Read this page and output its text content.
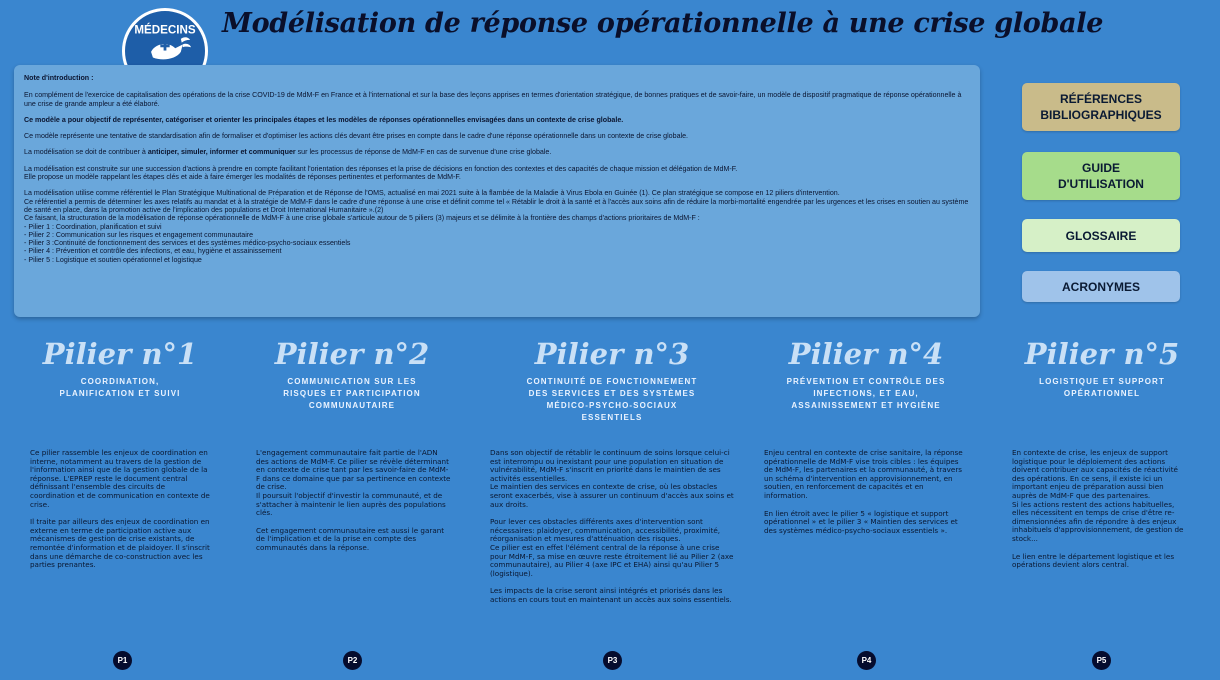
MÉDECINS Modélisation de réponse opérationnelle à une crise globale

Note d'introduction :

En complément de l'exercice de capitalisation des opérations de la crise COVID-19 de MdM-F en France et à l'international et sur la base des leçons apprises en termes d'orientation stratégique, de bonnes pratiques et de savoir-faire, un modèle de dispositif pragmatique de réponse opérationnelle à une crise de grande ampleur a été élaboré.

Ce modèle a pour objectif de représenter, catégoriser et orienter les principales étapes et les modèles de réponses opérationnelles envisagées dans un contexte de crise globale.

Ce modèle représente une tentative de standardisation afin de formaliser et d'optimiser les actions clés devant être prises en compte dans le cadre d'une réponse opérationnelle dans un contexte de crise globale.

La modélisation se doit de contribuer à anticiper, simuler, informer et communiquer sur les processus de réponse de MdM-F en cas de survenue d'une crise globale.

La modélisation est construite sur une succession d'actions à prendre en compte facilitant l'orientation des réponses et la prise de décisions en fonction des contextes et des capacités de chaque mission et délégation de MdM-F.

Elle propose un modèle rappelant les étapes clés et aide à faire émerger les modalités de réponses pertinentes et performantes de MdM-F.

La modélisation utilise comme référentiel le Plan Stratégique Multinational de Préparation et de Réponse de l'OMS, actualisé en mai 2021 suite à la flambée de la Maladie à Virus Ebola en Guinée (1). Ce plan stratégique se compose en 12 piliers d'intervention.

Ce référentiel a permis de déterminer les axes relatifs au mandat et à la stratégie de MdM-F dans le cadre d'une réponse à une crise et définit comme tel « Rétablir le droit à la santé et à l'accès aux soins afin de réduire la morbi-mortalité engendrée par les urgences et les crises en soutien au système de santé en place, dans la promotion active de l'implication des populations et Droit International Humanitaire ».(2)

Ce faisant, la structuration de la modélisation de réponse opérationnelle de MdM-F à une crise globale s'articule autour de 5 piliers (3) majeurs et se délimite à la frontière des champs d'actions prioritaires de MdM-F :

- Pilier 1 : Coordination, planification et suivi

- Pilier 2 : Communication sur les risques et engagement communautaire

- Pilier 3 :Continuité de fonctionnement des services et des systèmes médico-psycho-sociaux essentiels

- Pilier 4 : Prévention et contrôle des infections, et eau, hygiène et assainissement

- Pilier 5 : Logistique et soutien opérationnel et logistique

RÉFÉRENCES BIBLIOGRAPHIQUES
GUIDE D'UTILISATION
GLOSSAIRE
ACRONYMES
Pilier n°1
COORDINATION, PLANIFICATION ET SUIVI

Ce pilier rassemble les enjeux de coordination en interne, notamment au travers de la gestion de l'information ainsi que de la gestion globale de la réponse. L'EPREP reste le document central définissant l'ensemble des circuits de coordination et de communication en contexte de crise.

Il traite par ailleurs des enjeux de coordination en externe en terme de participation active aux mécanismes de gestion de crise existants, de remontée d'information et de plaidoyer. Il s'inscrit dans une démarche de co-construction avec les parties prenantes.

Pilier n°2
COMMUNICATION SUR LES RISQUES ET PARTICIPATION COMMUNAUTAIRE

L'engagement communautaire fait partie de l'ADN des actions de MdM-F. Ce pilier se révèle déterminant en contexte de crise tant par les savoir-faire de MdM-F dans ce domaine que par sa pertinence en contexte de crise.

Il poursuit l'objectif d'investir la communauté, et de s'attacher à maintenir le lien auprès des populations clés.

Cet engagement communautaire est aussi le garant de l'implication et de la prise en compte des communautés dans la réponse.

Pilier n°3
CONTINUITÉ DE FONCTIONNEMENT DES SERVICES ET DES SYSTÈMES MÉDICO-PSYCHO-SOCIAUX ESSENTIELS

Dans son objectif de rétablir le continuum de soins lorsque celui-ci est interrompu ou inexistant pour une population en situation de vulnérabilité, MdM-F s'inscrit en priorité dans le maintien de ses activités essentielles.

Le maintien des services en contexte de crise, où les obstacles seront exacerbés, vise à assurer un continuum d'accès aux soins et aux droits.

Pour lever ces obstacles différents axes d'intervention sont nécessaires: plaidoyer, communication, accessibilité, proximité, réorganisation et mesures d'atténuation des risques.

Ce pilier est en effet l'élément central de la réponse à une crise pour MdM-F, sa mise en œuvre reste étroitement lié au Pilier 2 (axe communautaire), au Pilier 4 (axe IPC et EHA) ainsi qu'au Pilier 5 (logistique).

Les impacts de la crise seront ainsi intégrés et priorisés dans les actions en cours tout en maintenant un accès aux soins essentiels.

Pilier n°4
PRÉVENTION ET CONTRÔLE DES INFECTIONS, ET EAU, ASSAINISSEMENT ET HYGIÈNE

Enjeu central en contexte de crise sanitaire, la réponse opérationnelle de MdM-F vise trois cibles : les équipes de MdM-F, les partenaires et la communauté, à travers un schéma d'intervention en approvisionnement, en soutien, en renforcement de capacités et en information.

En lien étroit avec le pilier 5 « logistique et support opérationnel » et le pilier 3 « Maintien des services et des systèmes médico-psycho-sociaux essentiels ».

Pilier n°5
LOGISTIQUE ET SUPPORT OPÉRATIONNEL

En contexte de crise, les enjeux de support logistique pour le déploiement des actions doivent contribuer aux capacités de réactivité des opérations. En ce sens, il existe ici un important enjeu de préparation aussi bien auprès de MdM-F que des partenaires.

Si les actions restent des actions habituelles, elles nécessitent en temps de crise d'être re-dimensionnées afin de répondre à des enjeux inhabituels d'approvisionnement, de gestion de stock...

Le lien entre le département logistique et les opérations devient alors central.

P1	P2	P3	P4	P5
